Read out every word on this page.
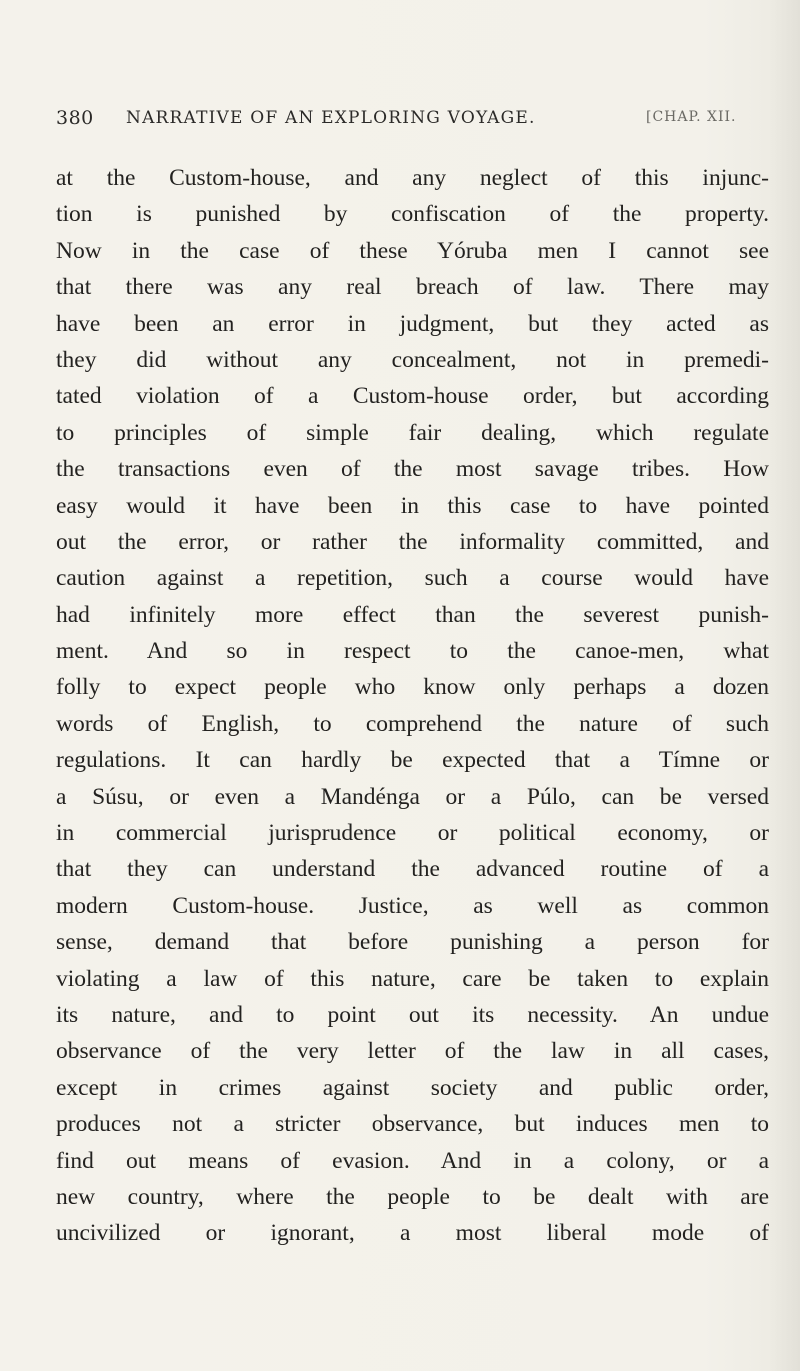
380 NARRATIVE OF AN EXPLORING VOYAGE.	[CHAP. XII.
at the Custom-house, and any neglect of this injunc-
tion is punished by confiscation of the property.
Now in the case of these Yóruba men I cannot see
that there was any real breach of law. There may
have been an error in judgment, but they acted as
they did without any concealment, not in premedi-
tated violation of a Custom-house order, but according
to principles of simple fair dealing, which regulate
the transactions even of the most savage tribes. How
easy would it have been in this case to have pointed
out the error, or rather the informality committed, and
caution against a repetition, such a course would have
had infinitely more effect than the severest punish-
ment. And so in respect to the canoe-men, what
folly to expect people who know only perhaps a dozen
words of English, to comprehend the nature of such
regulations. It can hardly be expected that a Tímne or
a Súsu, or even a Mandénga or a Púlo, can be versed
in commercial jurisprudence or political economy, or
that they can understand the advanced routine of a
modern Custom-house. Justice, as well as common
sense, demand that before punishing a person for
violating a law of this nature, care be taken to explain
its nature, and to point out its necessity. An undue
observance of the very letter of the law in all cases,
except in crimes against society and public order,
produces not a stricter observance, but induces men to
find out means of evasion. And in a colony, or a
new country, where the people to be dealt with are
uncivilized or ignorant, a most liberal mode of
